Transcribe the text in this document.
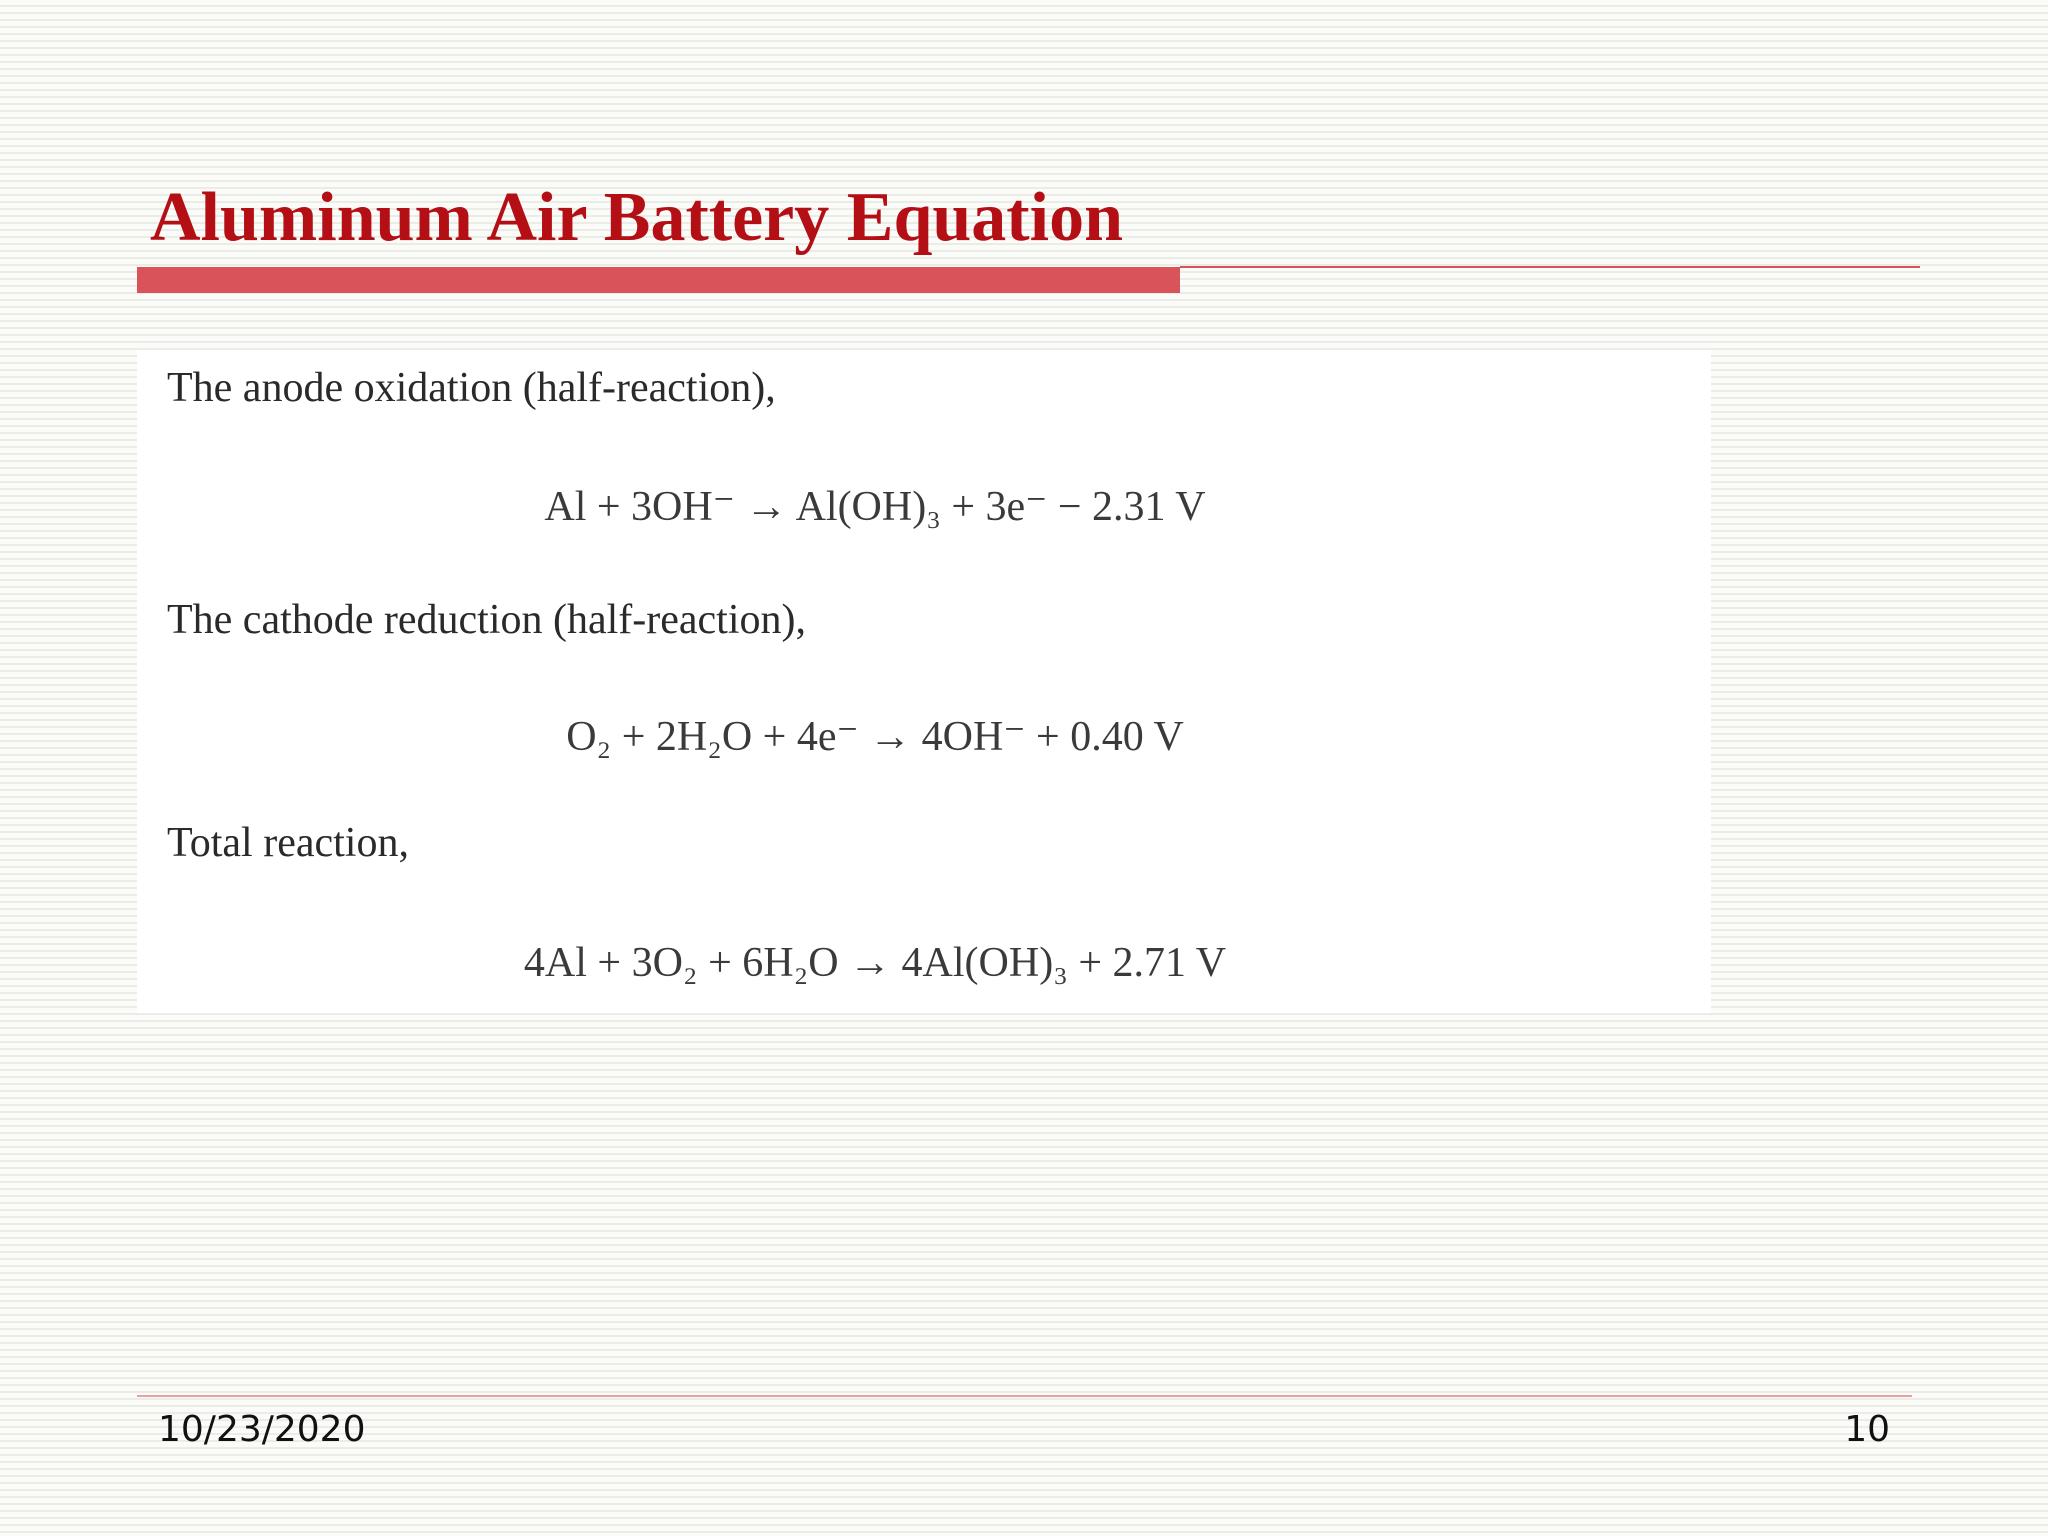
Aluminum Air Battery Equation

The anode oxidation (half-reaction),

Al + 3OH⁻ → Al(OH)₃ + 3e⁻ − 2.31 V

The cathode reduction (half-reaction),

O₂ + 2H₂O + 4e⁻ → 4OH⁻ + 0.40 V

Total reaction,

4Al + 3O₂ + 6H₂O → 4Al(OH)₃ + 2.71 V

10/23/2020	10
